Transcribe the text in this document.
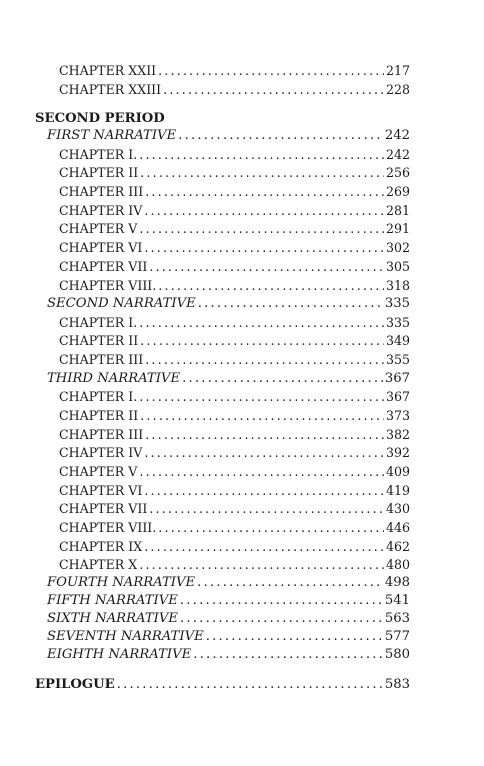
CHAPTER XXII .....	217
CHAPTER XXIII .....	228
SECOND PERIOD
FIRST NARRATIVE .....	242
CHAPTER I. .....	242
CHAPTER II .....	256
CHAPTER III .....	269
CHAPTER IV .....	281
CHAPTER V .....	291
CHAPTER VI .....	302
CHAPTER VII .....	305
CHAPTER VIII. .....	318
SECOND NARRATIVE .....	335
CHAPTER I. .....	335
CHAPTER II .....	349
CHAPTER III .....	355
THIRD NARRATIVE .....	367
CHAPTER I. .....	367
CHAPTER II .....	373
CHAPTER III .....	382
CHAPTER IV .....	392
CHAPTER V .....	409
CHAPTER VI .....	419
CHAPTER VII .....	430
CHAPTER VIII. .....	446
CHAPTER IX .....	462
CHAPTER X .....	480
FOURTH NARRATIVE .....	498
FIFTH NARRATIVE .....	541
SIXTH NARRATIVE .....	563
SEVENTH NARRATIVE .....	577
EIGHTH NARRATIVE .....	580
EPILOGUE .....	583
